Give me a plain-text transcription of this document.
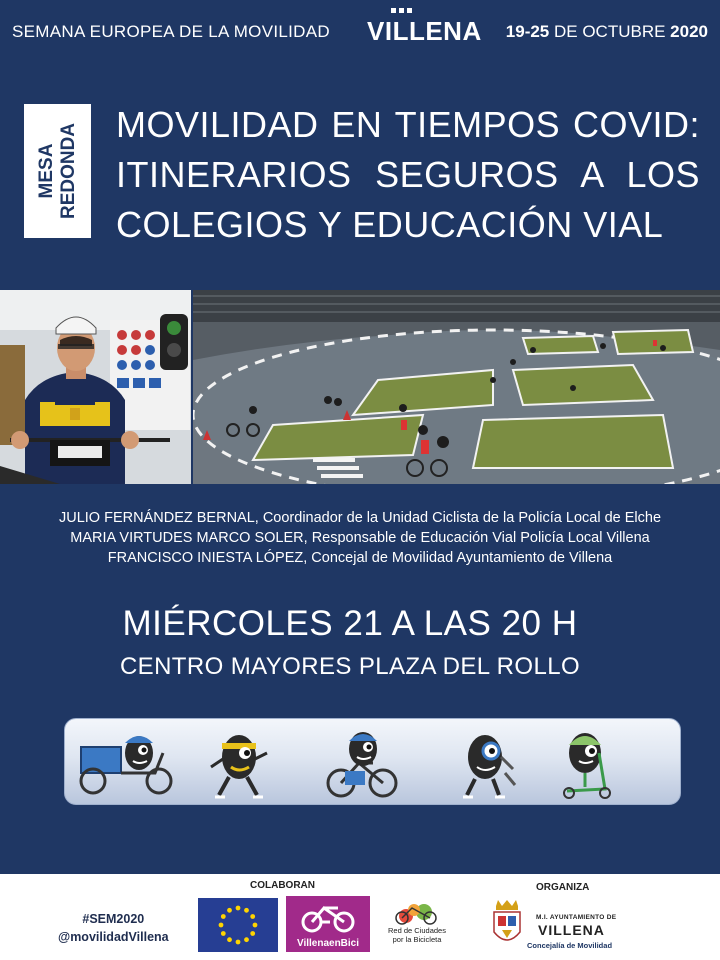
SEMANA EUROPEA DE LA MOVILIDAD VILLENA 19-25 DE OCTUBRE 2020
MESA REDONDA MOVILIDAD EN TIEMPOS COVID: ITINERARIOS SEGUROS A LOS COLEGIOS Y EDUCACIÓN VIAL
JULIO FERNÁNDEZ BERNAL, Coordinador de la Unidad Ciclista de la Policía Local de Elche
MARIA VIRTUDES MARCO SOLER, Responsable de Educación Vial Policía Local Villena
FRANCISCO INIESTA LÓPEZ, Concejal de Movilidad Ayuntamiento de Villena
MIÉRCOLES 21 A LAS 20 H
CENTRO MAYORES PLAZA DEL ROLLO
#SEM2020
@movilidadVillena
COLABORAN
VillenaenBici
Red de Ciudades
por la Bicicleta
ORGANIZA
M.I. AYUNTAMIENTO DE
VILLENA
Concejalía de Movilidad
